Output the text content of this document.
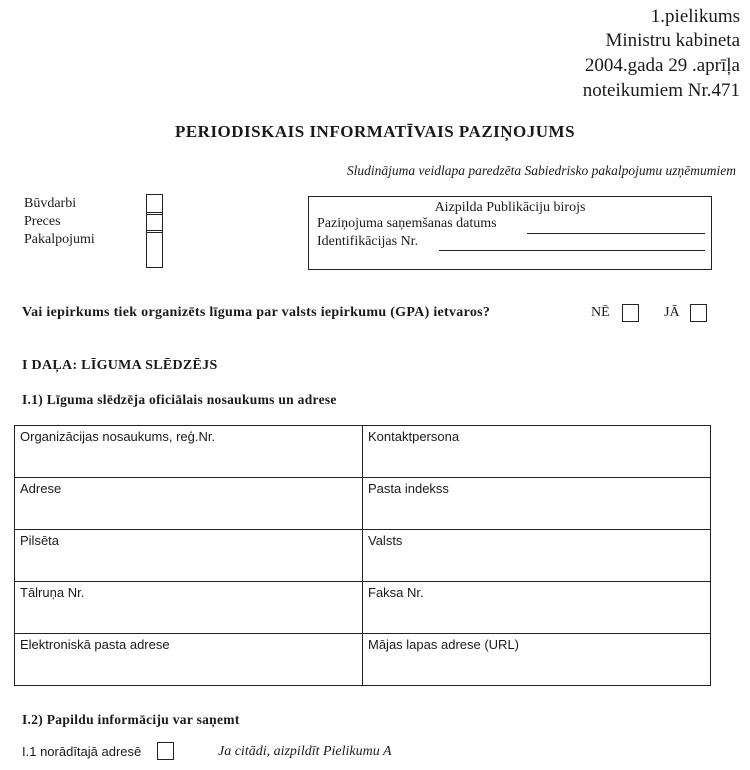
1.pielikums
Ministru kabineta
2004.gada 29 .aprīļa
noteikumiem Nr.471
PERIODISKAIS INFORMATĪVAIS PAZIŅOJUMS
Sludinājuma veidlapa paredzēta Sabiedrisko pakalpojumu uzņēmumiem
Būvdarbi
Preces
Pakalpojumi
Aizpilda Publikāciju birojs
Paziņojuma saņemšanas datums
Identifikācijas Nr.
Vai iepirkums tiek organizēts līguma par valsts iepirkumu (GPA) ietvaros?	NĒ	JĀ
I DAĻA: LĪGUMA SLĒDZĒJS
I.1) Līguma slēdzēja oficiālais nosaukums un adrese
Organizācijas nosaukums, reģ.Nr.	Kontaktpersona
Adrese	Pasta indekss
Pilsēta	Valsts
Tālruņa Nr.	Faksa Nr.
Elektroniskā pasta adrese	Mājas lapas adrese (URL)
I.2) Papildu informāciju var saņemt
I.1 norādītajā adresē	Ja citādi, aizpildīt Pielikumu A
